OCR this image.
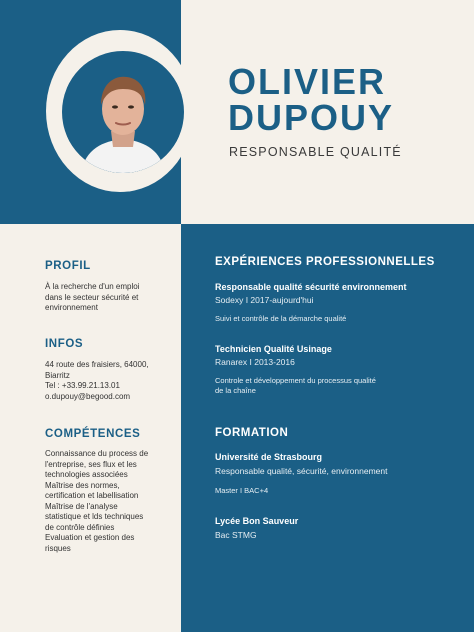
OLIVIER
DUPOUY
RESPONSABLE QUALITÉ
PROFIL
À la recherche d'un emploi
dans le secteur sécurité et
environnement
INFOS
44 route des fraisiers, 64000,
Biarritz
Tel : +33.99.21.13.01
o.dupouy@begood.com
COMPÉTENCES
Connaissance du process de
l'entreprise, ses flux et les
technologies associées
Maîtrise des normes,
certification et labellisation
Maîtrise de l'analyse
statistique et lds techniques
de contrôle définies
Evaluation et gestion des
risques
EXPÉRIENCES PROFESSIONNELLES
Responsable qualité sécurité environnement
Sodexy I 2017-aujourd'hui
Suivi et contrôle de la démarche qualité
Technicien Qualité Usinage
Ranarex I 2013-2016
Controle et développement du processus qualité
de la chaîne
FORMATION
Université de Strasbourg
Responsable qualité, sécurité, environnement
Master I BAC+4
Lycée Bon Sauveur
Bac STMG
